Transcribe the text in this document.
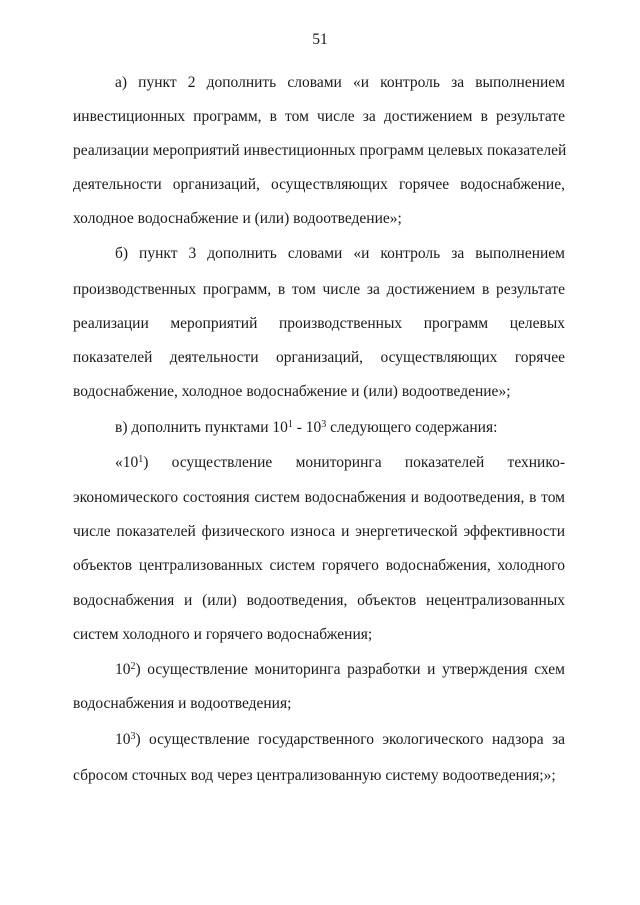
51
а) пункт 2 дополнить словами «и контроль за выполнением
инвестиционных программ, в том числе за достижением в результате
реализации мероприятий инвестиционных программ целевых показателей
деятельности организаций, осуществляющих горячее водоснабжение,
холодное водоснабжение и (или) водоотведение»;
б) пункт 3 дополнить словами «и контроль за выполнением
производственных программ, в том числе за достижением в результате
реализации мероприятий производственных программ целевых
показателей деятельности организаций, осуществляющих горячее
водоснабжение, холодное водоснабжение и (или) водоотведение»;
в) дополнить пунктами $10^1 - 10^3$ следующего содержания:
«$10^1$) осуществление мониторинга показателей технико-
экономического состояния систем водоснабжения и водоотведения, в том
числе показателей физического износа и энергетической эффективности
объектов централизованных систем горячего водоснабжения, холодного
водоснабжения и (или) водоотведения, объектов нецентрализованных
систем холодного и горячего водоснабжения;
$10^2$) осуществление мониторинга разработки и утверждения схем
водоснабжения и водоотведения;
$10^3$) осуществление государственного экологического надзора за
сбросом сточных вод через централизованную систему водоотведения;»;
